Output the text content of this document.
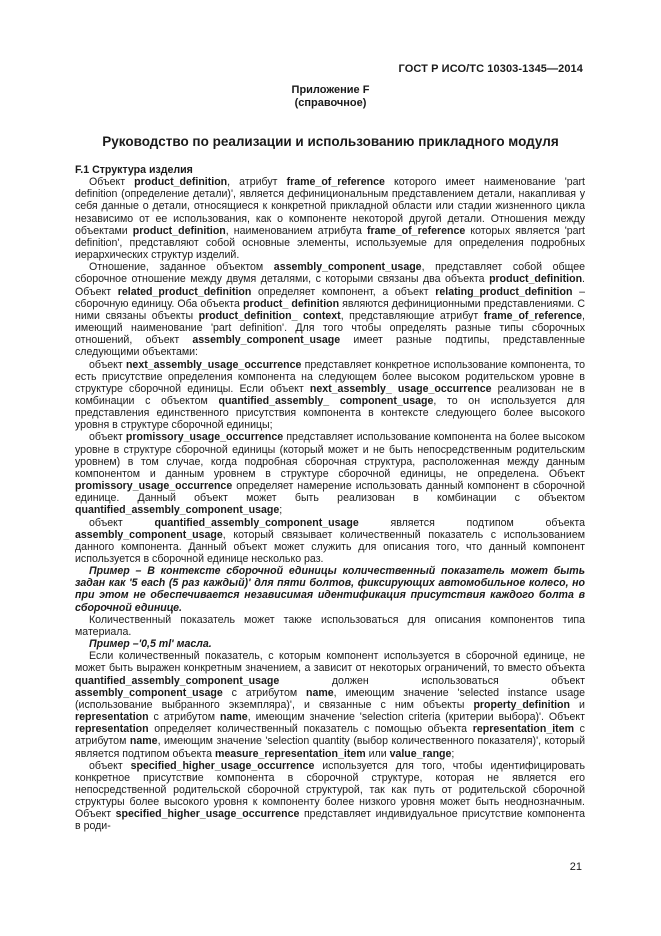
ГОСТ Р ИСО/ТС 10303-1345—2014
Приложение F
(справочное)
Руководство по реализации и использованию прикладного модуля

F.1 Структура изделия

Объект product_definition, атрибут frame_of_reference которого имеет наименование 'part definition (определение детали)', является дефинициональным представлением детали, накапливая у себя данные о детали, относящиеся к конкретной прикладной области или стадии жизненного цикла независимо от ее использования, как о компоненте некоторой другой детали. Отношения между объектами product_definition, наименованием атрибута frame_of_reference которых является 'part definition', представляют собой основные элементы, используемые для определения подробных иерархических структур изделий.

Отношение, заданное объектом assembly_component_usage, представляет собой общее сборочное отношение между двумя деталями, с которыми связаны два объекта product_definition. Объект related_product_definition определяет компонент, а объект relating_product_definition – сборочную единицу. Оба объекта product_ definition являются дефиниционными представлениями. С ними связаны объекты product_definition_ context, представляющие атрибут frame_of_reference, имеющий наименование 'part definition'. Для того чтобы определять разные типы сборочных отношений, объект assembly_component_usage имеет разные подтипы, представленные следующими объектами:

объект next_assembly_usage_occurrence представляет конкретное использование компонента, то есть присутствие определения компонента на следующем более высоком родительском уровне в структуре сборочной единицы. Если объект next_assembly_ usage_occurrence реализован не в комбинации с объектом quantified_assembly_ component_usage, то он используется для представления единственного присутствия компонента в контексте следующего более высокого уровня в структуре сборочной единицы;

объект promissory_usage_occurrence представляет использование компонента на более высоком уровне в структуре сборочной единицы (который может и не быть непосредственным родительским уровнем) в том случае, когда подробная сборочная структура, расположенная между данным компонентом и данным уровнем в структуре сборочной единицы, не определена. Объект promissory_usage_occurrence определяет намерение использовать данный компонент в сборочной единице. Данный объект может быть реализован в комбинации с объектом quantified_assembly_component_usage;

объект quantified_assembly_component_usage является подтипом объекта assembly_component_usage, который связывает количественный показатель с использованием данного компонента. Данный объект может служить для описания того, что данный компонент используется в сборочной единице несколько раз.

Пример – В контексте сборочной единицы количественный показатель может быть задан как '5 each (5 раз каждый)' для пяти болтов, фиксирующих автомобильное колесо, но при этом не обеспечивается независимая идентификация присутствия каждого болта в сборочной единице.

Количественный показатель может также использоваться для описания компонентов типа материала.

Пример –'0,5 ml' масла.

Если количественный показатель, с которым компонент используется в сборочной единице, не может быть выражен конкретным значением, а зависит от некоторых ограничений, то вместо объекта quantified_assembly_component_usage должен использоваться объект assembly_component_usage с атрибутом name, имеющим значение 'selected instance usage (использование выбранного экземпляра)', и связанные с ним объекты property_definition и representation с атрибутом name, имеющим значение 'selection criteria (критерии выбора)'. Объект representation определяет количественный показатель с помощью объекта representation_item с атрибутом name, имеющим значение 'selection quantity (выбор количественного показателя)', который является подтипом объекта measure_representation_item или value_range;

объект specified_higher_usage_occurrence используется для того, чтобы идентифицировать конкретное присутствие компонента в сборочной структуре, которая не является его непосредственной родительской сборочной структурой, так как путь от родительской сборочной структуры более высокого уровня к компоненту более низкого уровня может быть неоднозначным. Объект specified_higher_usage_occurrence представляет индивидуальное присутствие компонента в роди-

21
